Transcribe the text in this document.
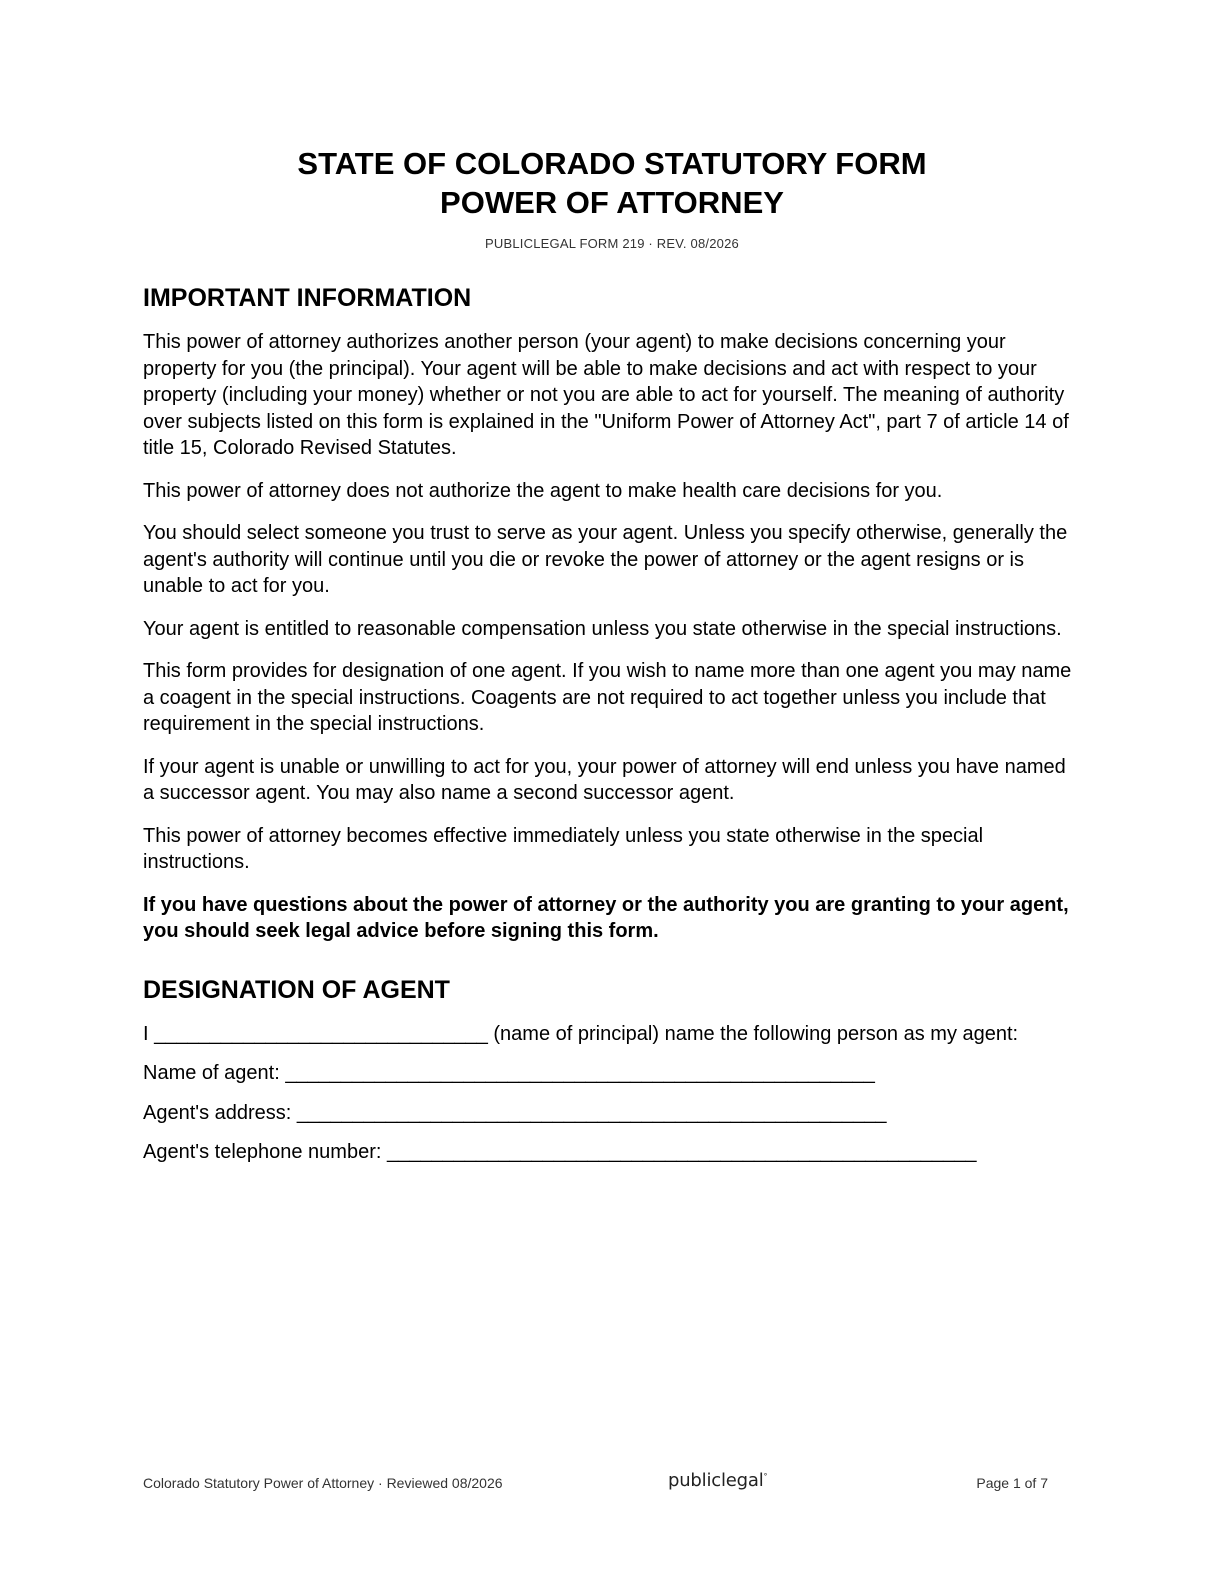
STATE OF COLORADO STATUTORY FORM
POWER OF ATTORNEY
PUBLICLEGAL FORM 219 · REV. 08/2026
IMPORTANT INFORMATION

This power of attorney authorizes another person (your agent) to make decisions concerning your property for you (the principal). Your agent will be able to make decisions and act with respect to your property (including your money) whether or not you are able to act for yourself. The meaning of authority over subjects listed on this form is explained in the "Uniform Power of Attorney Act", part 7 of article 14 of title 15, Colorado Revised Statutes.

This power of attorney does not authorize the agent to make health care decisions for you.

You should select someone you trust to serve as your agent. Unless you specify otherwise, generally the agent's authority will continue until you die or revoke the power of attorney or the agent resigns or is unable to act for you.

Your agent is entitled to reasonable compensation unless you state otherwise in the special instructions.

This form provides for designation of one agent. If you wish to name more than one agent you may name a coagent in the special instructions. Coagents are not required to act together unless you include that requirement in the special instructions.

If your agent is unable or unwilling to act for you, your power of attorney will end unless you have named a successor agent. You may also name a second successor agent.

This power of attorney becomes effective immediately unless you state otherwise in the special instructions.

If you have questions about the power of attorney or the authority you are granting to your agent, you should seek legal advice before signing this form.

DESIGNATION OF AGENT

I ______________________________ (name of principal) name the following person as my agent:

Name of agent: _____________________________________________________

Agent's address: _____________________________________________________

Agent's telephone number: _____________________________________________________

Colorado Statutory Power of Attorney · Reviewed 08/2026	publiclegal°	Page 1 of 7
